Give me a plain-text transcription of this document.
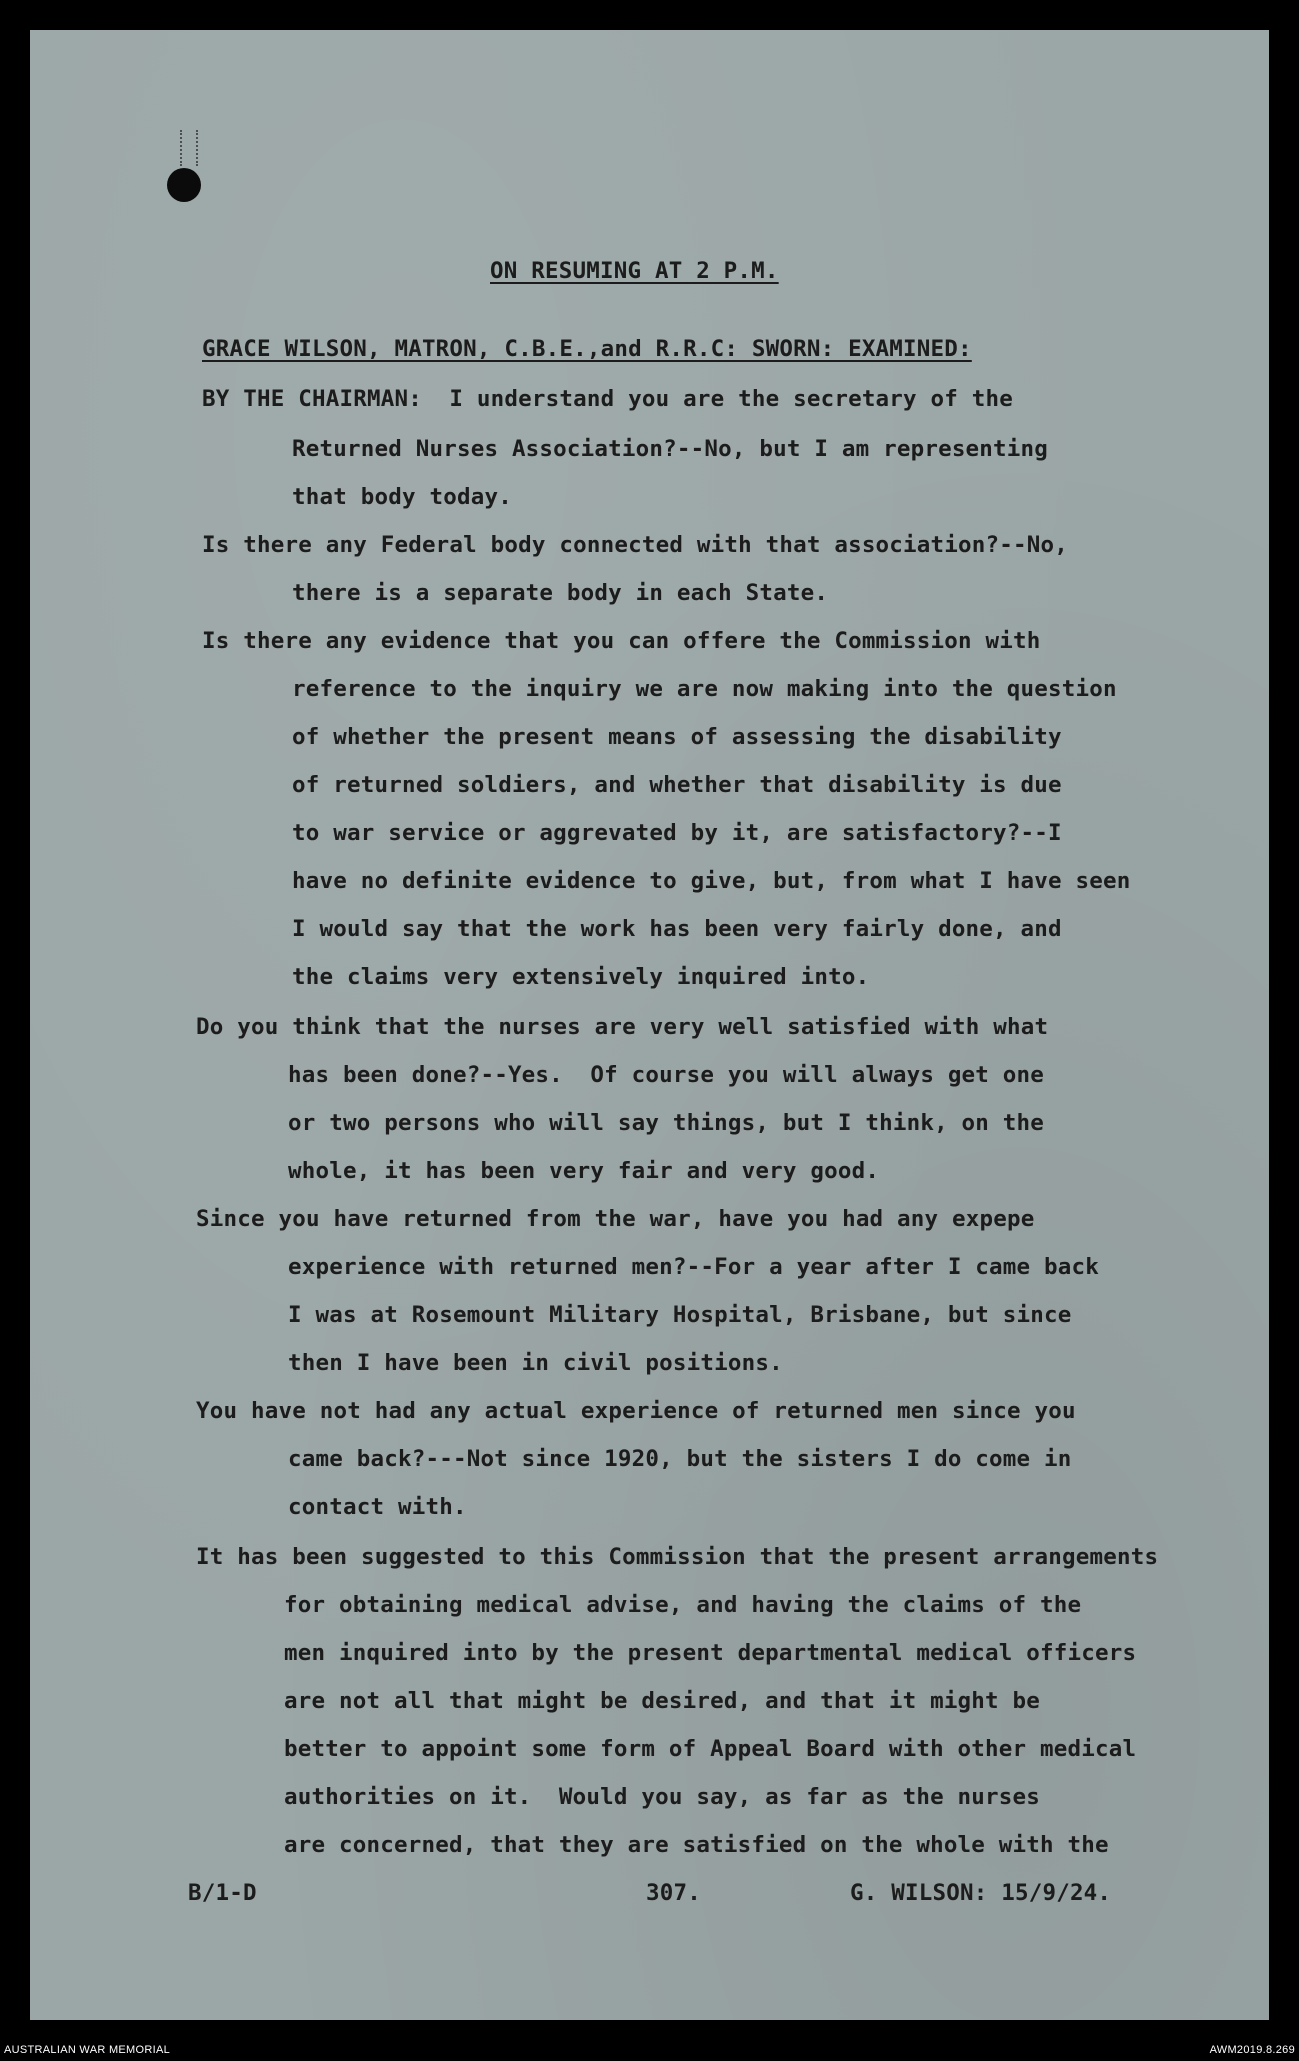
ON RESUMING AT 2 P.M.
GRACE WILSON, MATRON, C.B.E.,and R.R.C: SWORN: EXAMINED:
BY THE CHAIRMAN:  I understand you are the secretary of the
Returned Nurses Association?--No, but I am representing
that body today.
Is there any Federal body connected with that association?--No,
there is a separate body in each State.
Is there any evidence that you can offere the Commission with
reference to the inquiry we are now making into the question
of whether the present means of assessing the disability
of returned soldiers, and whether that disability is due
to war service or aggrevated by it, are satisfactory?--I
have no definite evidence to give, but, from what I have seen
I would say that the work has been very fairly done, and
the claims very extensively inquired into.
Do you think that the nurses are very well satisfied with what
has been done?--Yes.  Of course you will always get one
or two persons who will say things, but I think, on the
whole, it has been very fair and very good.
Since you have returned from the war, have you had any expepe
experience with returned men?--For a year after I came back
I was at Rosemount Military Hospital, Brisbane, but since
then I have been in civil positions.
You have not had any actual experience of returned men since you
came back?---Not since 1920, but the sisters I do come in
contact with.
It has been suggested to this Commission that the present arrangements
for obtaining medical advise, and having the claims of the
men inquired into by the present departmental medical officers
are not all that might be desired, and that it might be
better to appoint some form of Appeal Board with other medical
authorities on it.  Would you say, as far as the nurses
are concerned, that they are satisfied on the whole with the
B/1-D	307.	G. WILSON: 15/9/24.
AUSTRALIAN WAR MEMORIAL	AWM2019.8.269
